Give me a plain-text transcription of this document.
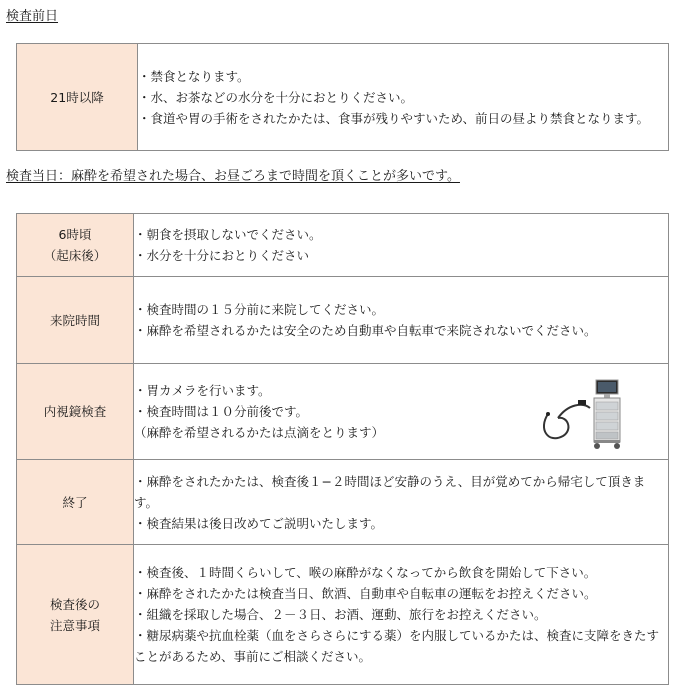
検査前日
21時以降

・禁食となります。
・水、お茶などの水分を十分におとりください。
・食道や胃の手術をされたかたは、食事が残りやすいため、前日の昼より禁食となります。
検査当日：麻酔を希望された場合、お昼ごろまで時間を頂くことが多いです。
6時頃
（起床後）	・朝食を摂取しないでください。
・水分を十分におとりください

来院時間	・検査時間の１５分前に来院してください。
・麻酔を希望されるかたは安全のため自動車や自転車で来院されないでください。

内視鏡検査	・胃カメラを行います。
・検査時間は１０分前後です。
（麻酔を希望されるかたは点滴をとります）

終了	・麻酔をされたかたは、検査後１−２時間ほど安静のうえ、目が覚めてから帰宅して頂きます。
・検査結果は後日改めてご説明いたします。

検査後の
注意事項	・検査後、１時間くらいして、喉の麻酔がなくなってから飲食を開始して下さい。
・麻酔をされたかたは検査当日、飲酒、自動車や自転車の運転をお控えください。
・組織を採取した場合、２－３日、お酒、運動、旅行をお控えください。
・糖尿病薬や抗血栓薬（血をさらさらにする薬）を内服しているかたは、検査に支障をきたすことがあるため、事前にご相談ください。
